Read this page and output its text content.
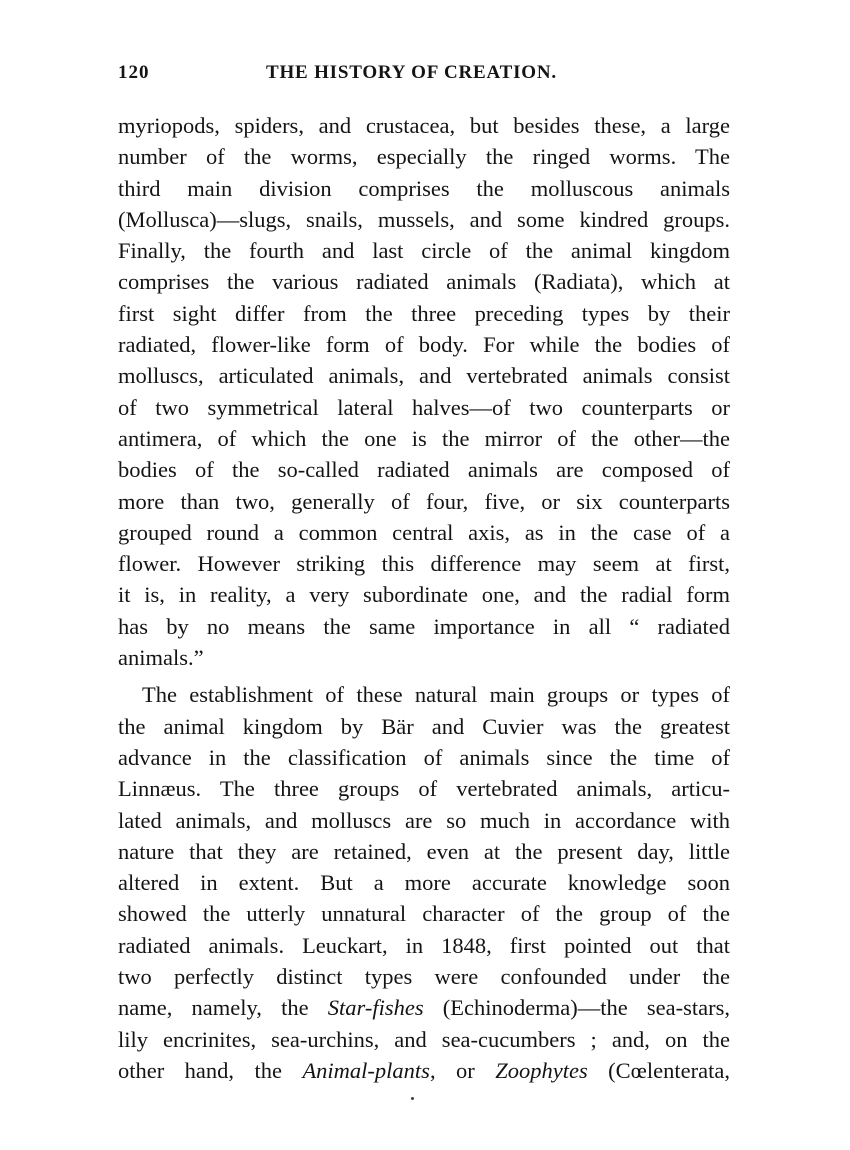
120	THE HISTORY OF CREATION.
myriopods, spiders, and crustacea, but besides these, a large
number of the worms, especially the ringed worms. The
third main division comprises the molluscous animals
(Mollusca)—slugs, snails, mussels, and some kindred groups.
Finally, the fourth and last circle of the animal kingdom
comprises the various radiated animals (Radiata), which at
first sight differ from the three preceding types by their
radiated, flower-like form of body. For while the bodies of
molluscs, articulated animals, and vertebrated animals consist
of two symmetrical lateral halves—of two counterparts or
antimera, of which the one is the mirror of the other—the
bodies of the so-called radiated animals are composed of
more than two, generally of four, five, or six counterparts
grouped round a common central axis, as in the case of a
flower. However striking this difference may seem at first,
it is, in reality, a very subordinate one, and the radial form
has by no means the same importance in all “ radiated
animals.”
The establishment of these natural main groups or types of
the animal kingdom by Bär and Cuvier was the greatest
advance in the classification of animals since the time of
Linnæus. The three groups of vertebrated animals, articu-
lated animals, and molluscs are so much in accordance with
nature that they are retained, even at the present day, little
altered in extent. But a more accurate knowledge soon
showed the utterly unnatural character of the group of the
radiated animals. Leuckart, in 1848, first pointed out that
two perfectly distinct types were confounded under the
name, namely, the Star-fishes (Echinoderma)—the sea-stars,
lily encrinites, sea-urchins, and sea-cucumbers ; and, on the
other hand, the Animal-plants, or Zoophytes (Cœlenterata,
